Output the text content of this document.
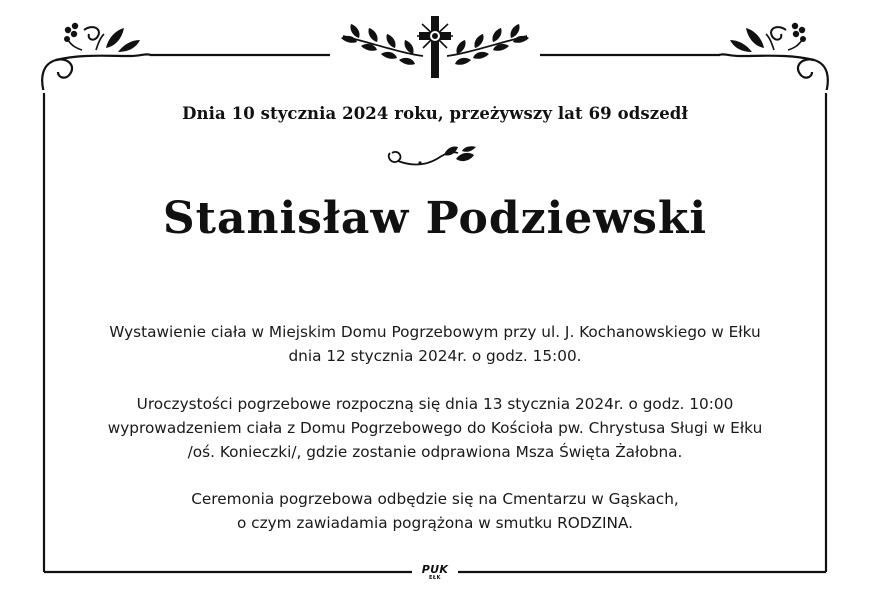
Dnia 10 stycznia 2024 roku, przeżywszy lat 69 odszedł
Stanisław Podziewski
Wystawienie ciała w Miejskim Domu Pogrzebowym przy ul. J. Kochanowskiego w Ełku
dnia 12 stycznia 2024r. o godz. 15:00.
Uroczystości pogrzebowe rozpoczną się dnia 13 stycznia 2024r. o godz. 10:00
wyprowadzeniem ciała z Domu Pogrzebowego do Kościoła pw. Chrystusa Sługi w Ełku
/oś. Konieczki/, gdzie zostanie odprawiona Msza Święta Żałobna.
Ceremonia pogrzebowa odbędzie się na Cmentarzu w Gąskach,
o czym zawiadamia pogrążona w smutku RODZINA.
PUK
EŁK
